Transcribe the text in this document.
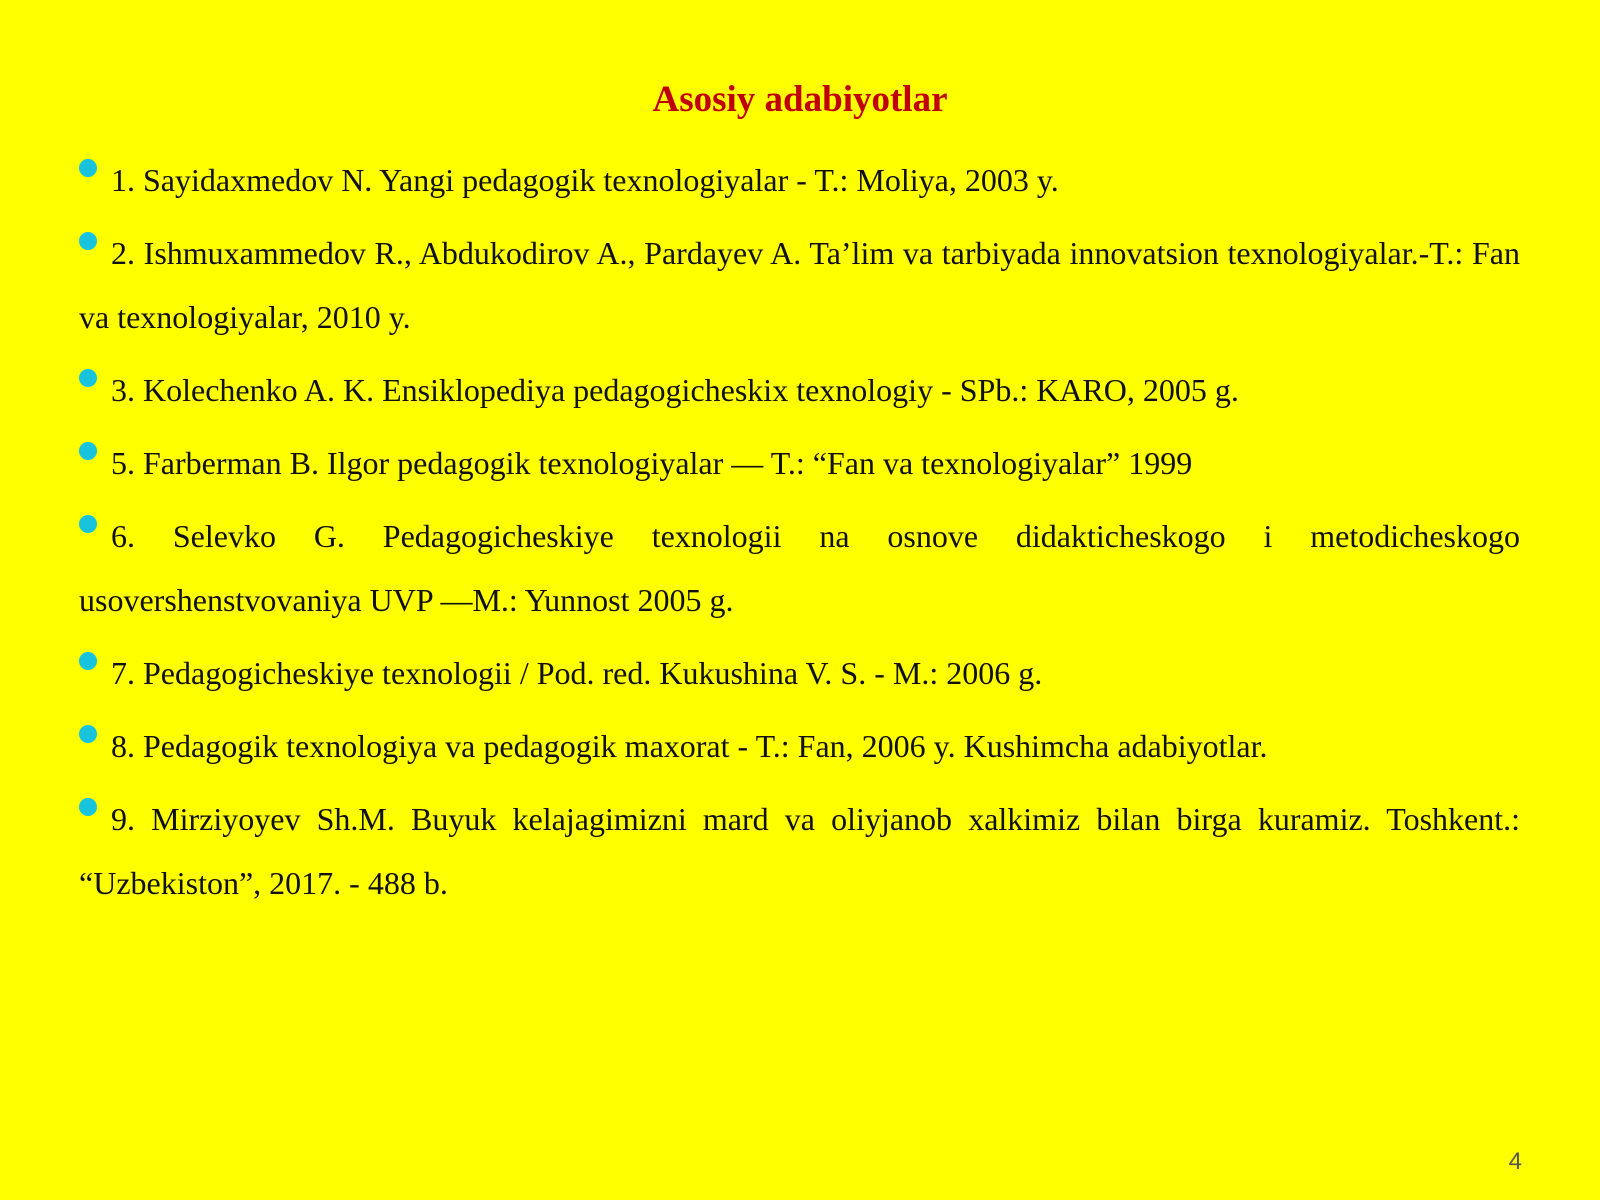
Asosiy adabiyotlar
1. Sayidaxmedov N. Yangi pedagogik texnologiyalar - T.: Moliya, 2003 y.
2. Ishmuxammedov R., Abdukodirov A., Pardayev A. Ta’lim va tarbiyada innovatsion texnologiyalar.-T.: Fan va texnologiyalar, 2010 y.
3. Kolechenko A. K. Ensiklopediya pedagogicheskix texnologiy - SPb.: KARO, 2005 g.
5. Farberman B. Ilgor pedagogik texnologiyalar — T.: “Fan va texnologiyalar” 1999
6. Selevko G. Pedagogicheskiye texnologii na osnove didakticheskogo i metodicheskogo usovershenstvovaniya UVP —M.: Yunnost 2005 g.
7. Pedagogicheskiye texnologii / Pod. red. Kukushina V. S. - M.: 2006 g.
8. Pedagogik texnologiya va pedagogik maxorat - T.: Fan, 2006 y. Kushimcha adabiyotlar.
9. Mirziyoyev Sh.M. Buyuk kelajagimizni mard va oliyjanob xalkimiz bilan birga kuramiz. Toshkent.: “Uzbekiston”, 2017. - 488 b.
4
